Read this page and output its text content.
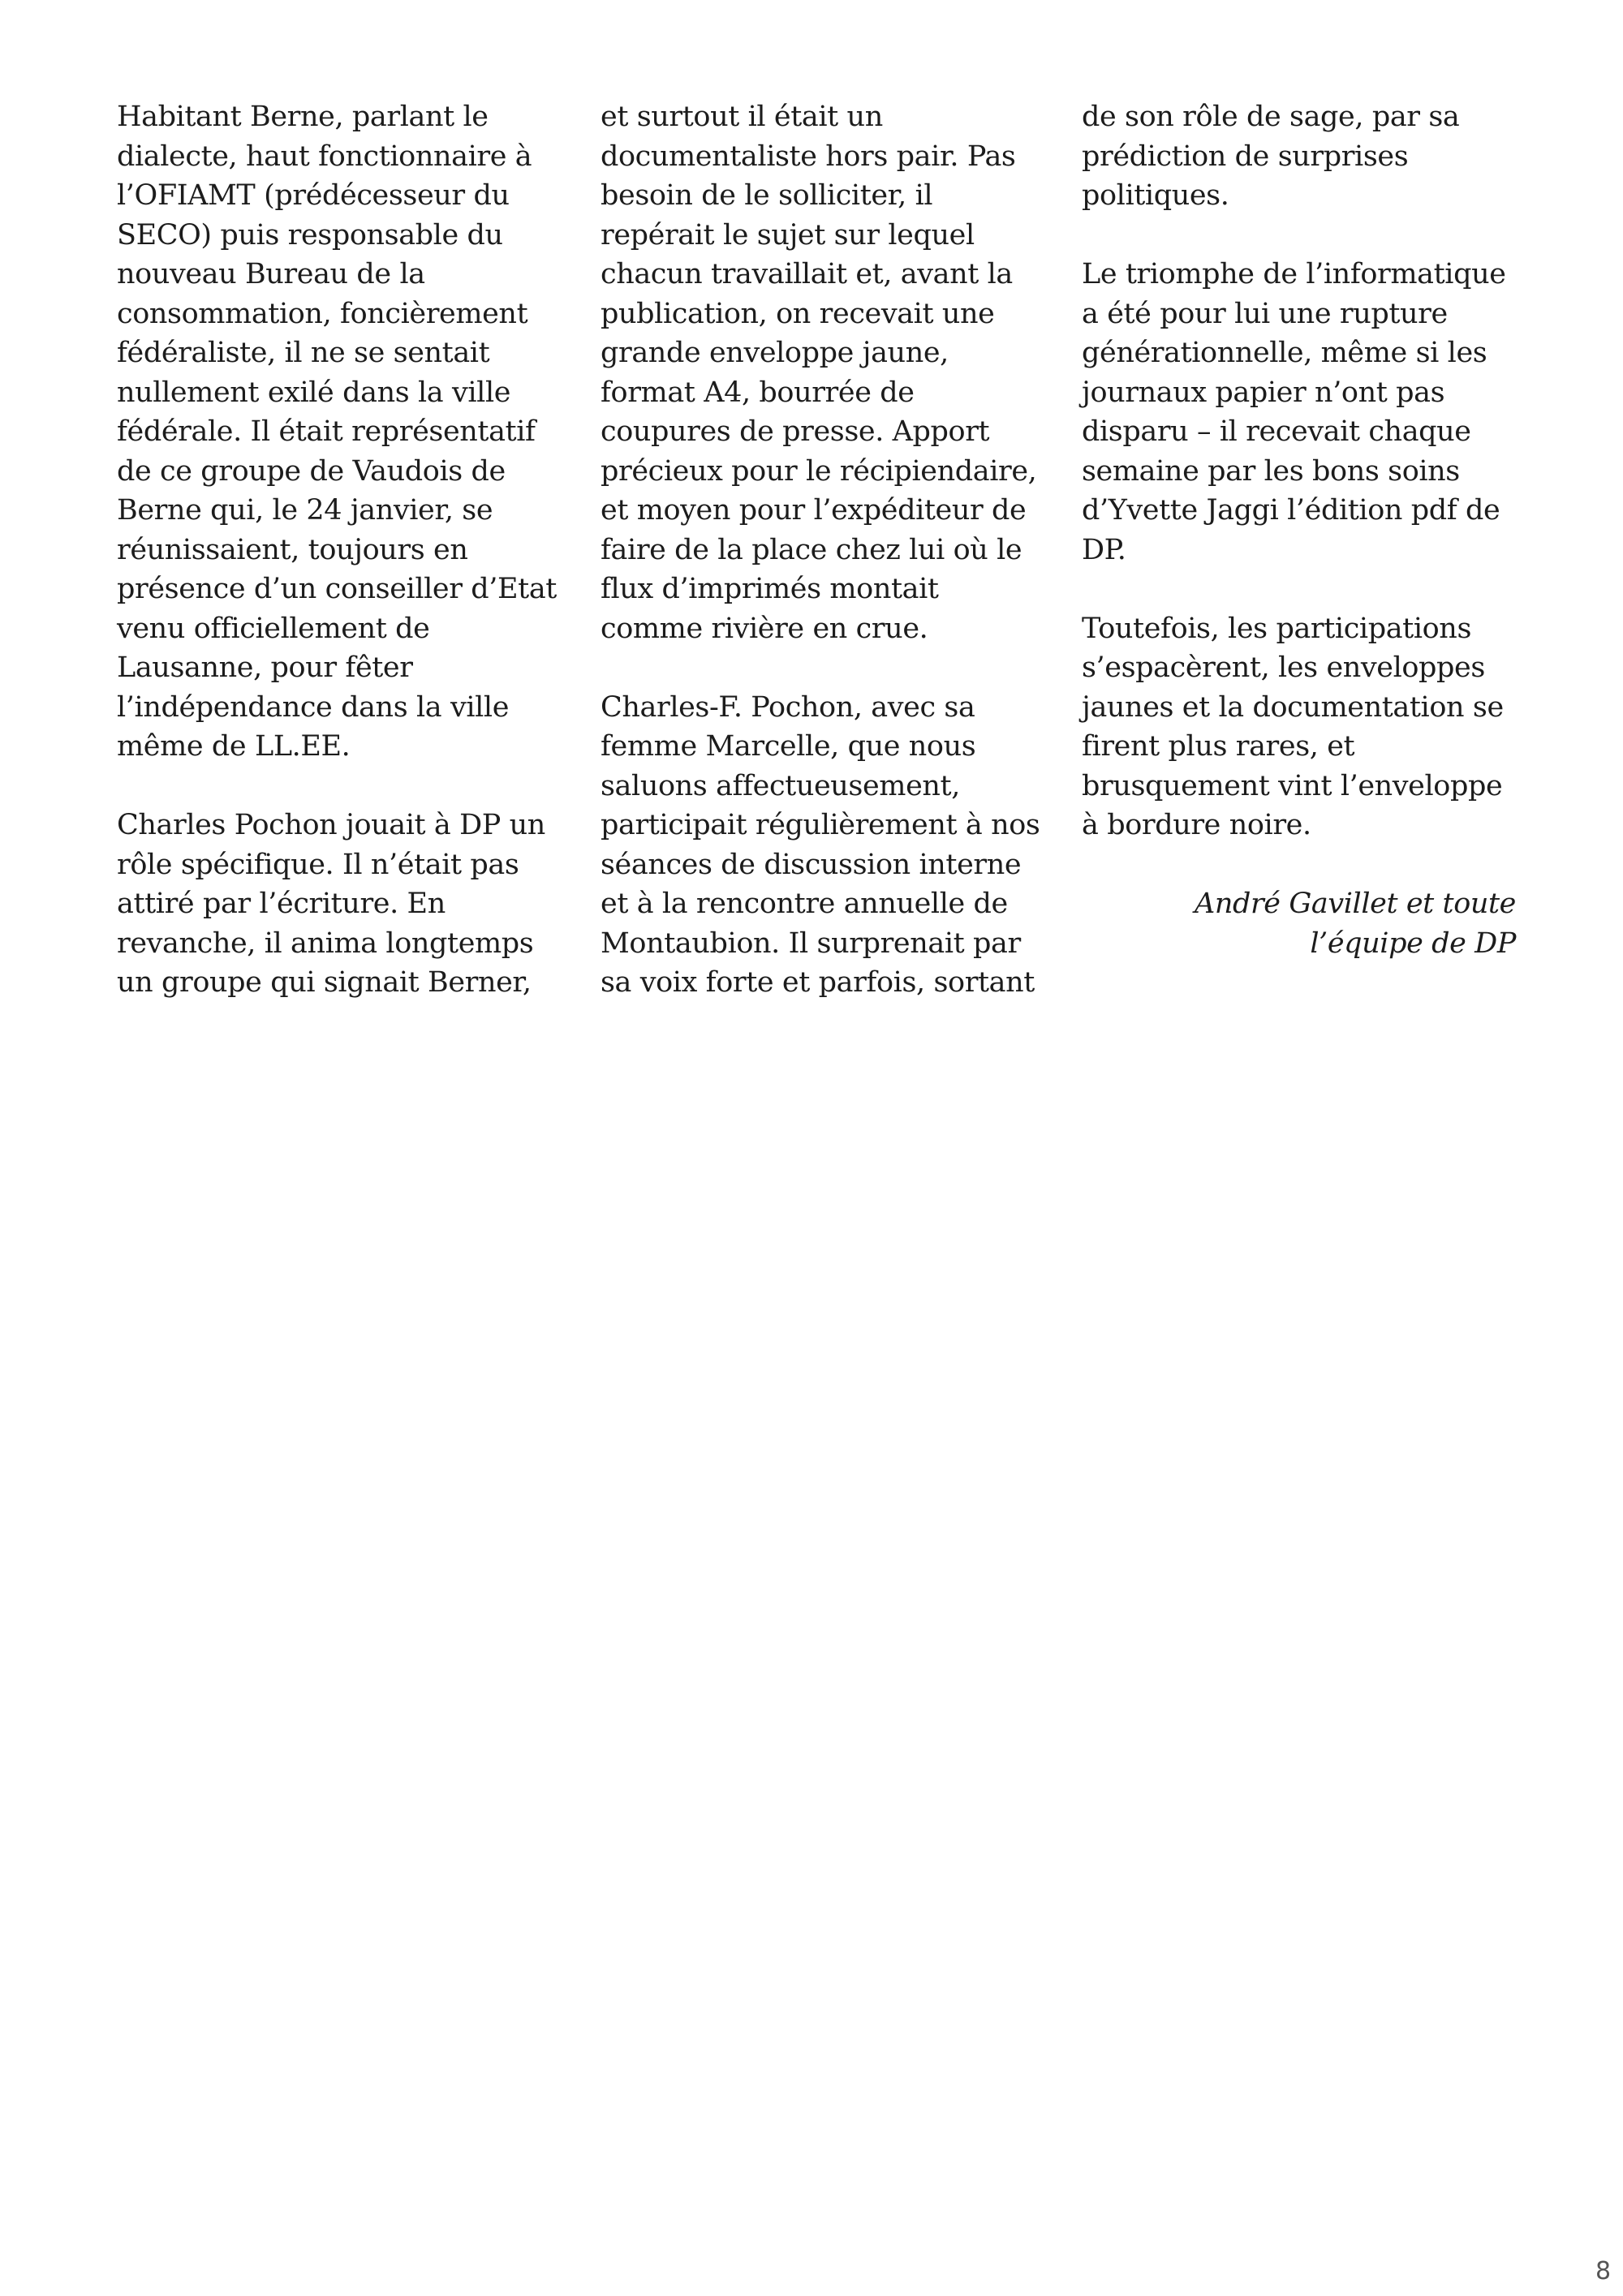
Habitant Berne, parlant le
dialecte, haut fonctionnaire à
l’OFIAMT (prédécesseur du
SECO) puis responsable du
nouveau Bureau de la
consommation, foncièrement
fédéraliste, il ne se sentait
nullement exilé dans la ville
fédérale. Il était représentatif
de ce groupe de Vaudois de
Berne qui, le 24 janvier, se
réunissaient, toujours en
présence d’un conseiller d’Etat
venu officiellement de
Lausanne, pour fêter
l’indépendance dans la ville
même de LL.EE.
Charles Pochon jouait à DP un
rôle spécifique. Il n’était pas
attiré par l’écriture. En
revanche, il anima longtemps
un groupe qui signait Berner,
et surtout il était un
documentaliste hors pair. Pas
besoin de le solliciter, il
repérait le sujet sur lequel
chacun travaillait et, avant la
publication, on recevait une
grande enveloppe jaune,
format A4, bourrée de
coupures de presse. Apport
précieux pour le récipiendaire,
et moyen pour l’expéditeur de
faire de la place chez lui où le
flux d’imprimés montait
comme rivière en crue.
Charles-F. Pochon, avec sa
femme Marcelle, que nous
saluons affectueusement,
participait régulièrement à nos
séances de discussion interne
et à la rencontre annuelle de
Montaubion. Il surprenait par
sa voix forte et parfois, sortant
de son rôle de sage, par sa
prédiction de surprises
politiques.
Le triomphe de l’informatique
a été pour lui une rupture
générationnelle, même si les
journaux papier n’ont pas
disparu – il recevait chaque
semaine par les bons soins
d’Yvette Jaggi l’édition pdf de
DP.
Toutefois, les participations
s’espacèrent, les enveloppes
jaunes et la documentation se
firent plus rares, et
brusquement vint l’enveloppe
à bordure noire.
André Gavillet et toute
l’équipe de DP
8
